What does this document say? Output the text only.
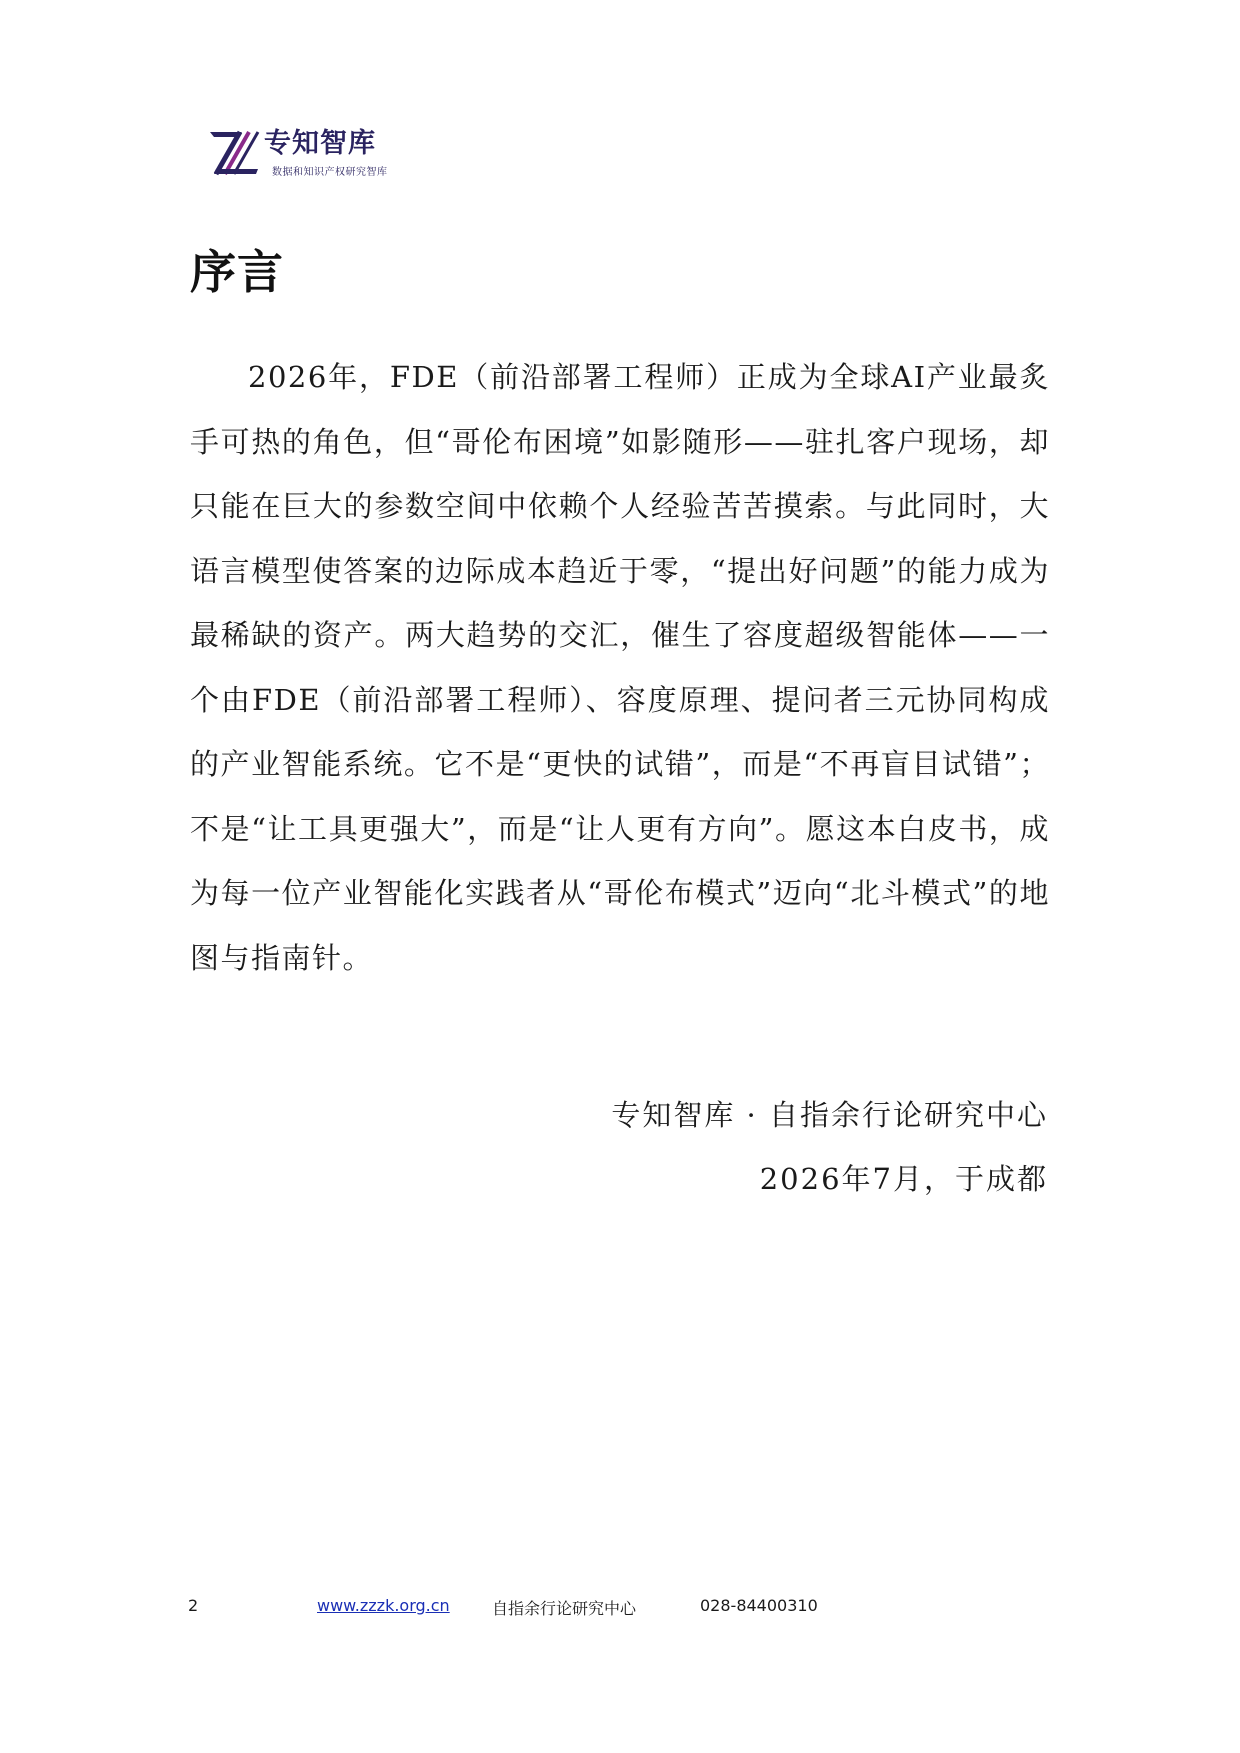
专知智库
数据和知识产权研究智库
序言
2026年，FDE（前沿部署工程师）正成为全球AI产业最炙手可热的角色，但“哥伦布困境”如影随形——驻扎客户现场，却只能在巨大的参数空间中依赖个人经验苦苦摸索。与此同时，大语言模型使答案的边际成本趋近于零，“提出好问题”的能力成为最稀缺的资产。两大趋势的交汇，催生了容度超级智能体——一个由FDE（前沿部署工程师）、容度原理、提问者三元协同构成的产业智能系统。它不是“更快的试错”，而是“不再盲目试错”；不是“让工具更强大”，而是“让人更有方向”。愿这本白皮书，成为每一位产业智能化实践者从“哥伦布模式”迈向“北斗模式”的地图与指南针。
专知智库 · 自指余行论研究中心
2026年7月，于成都
2	www.zzzk.org.cn	自指余行论研究中心	028-84400310
